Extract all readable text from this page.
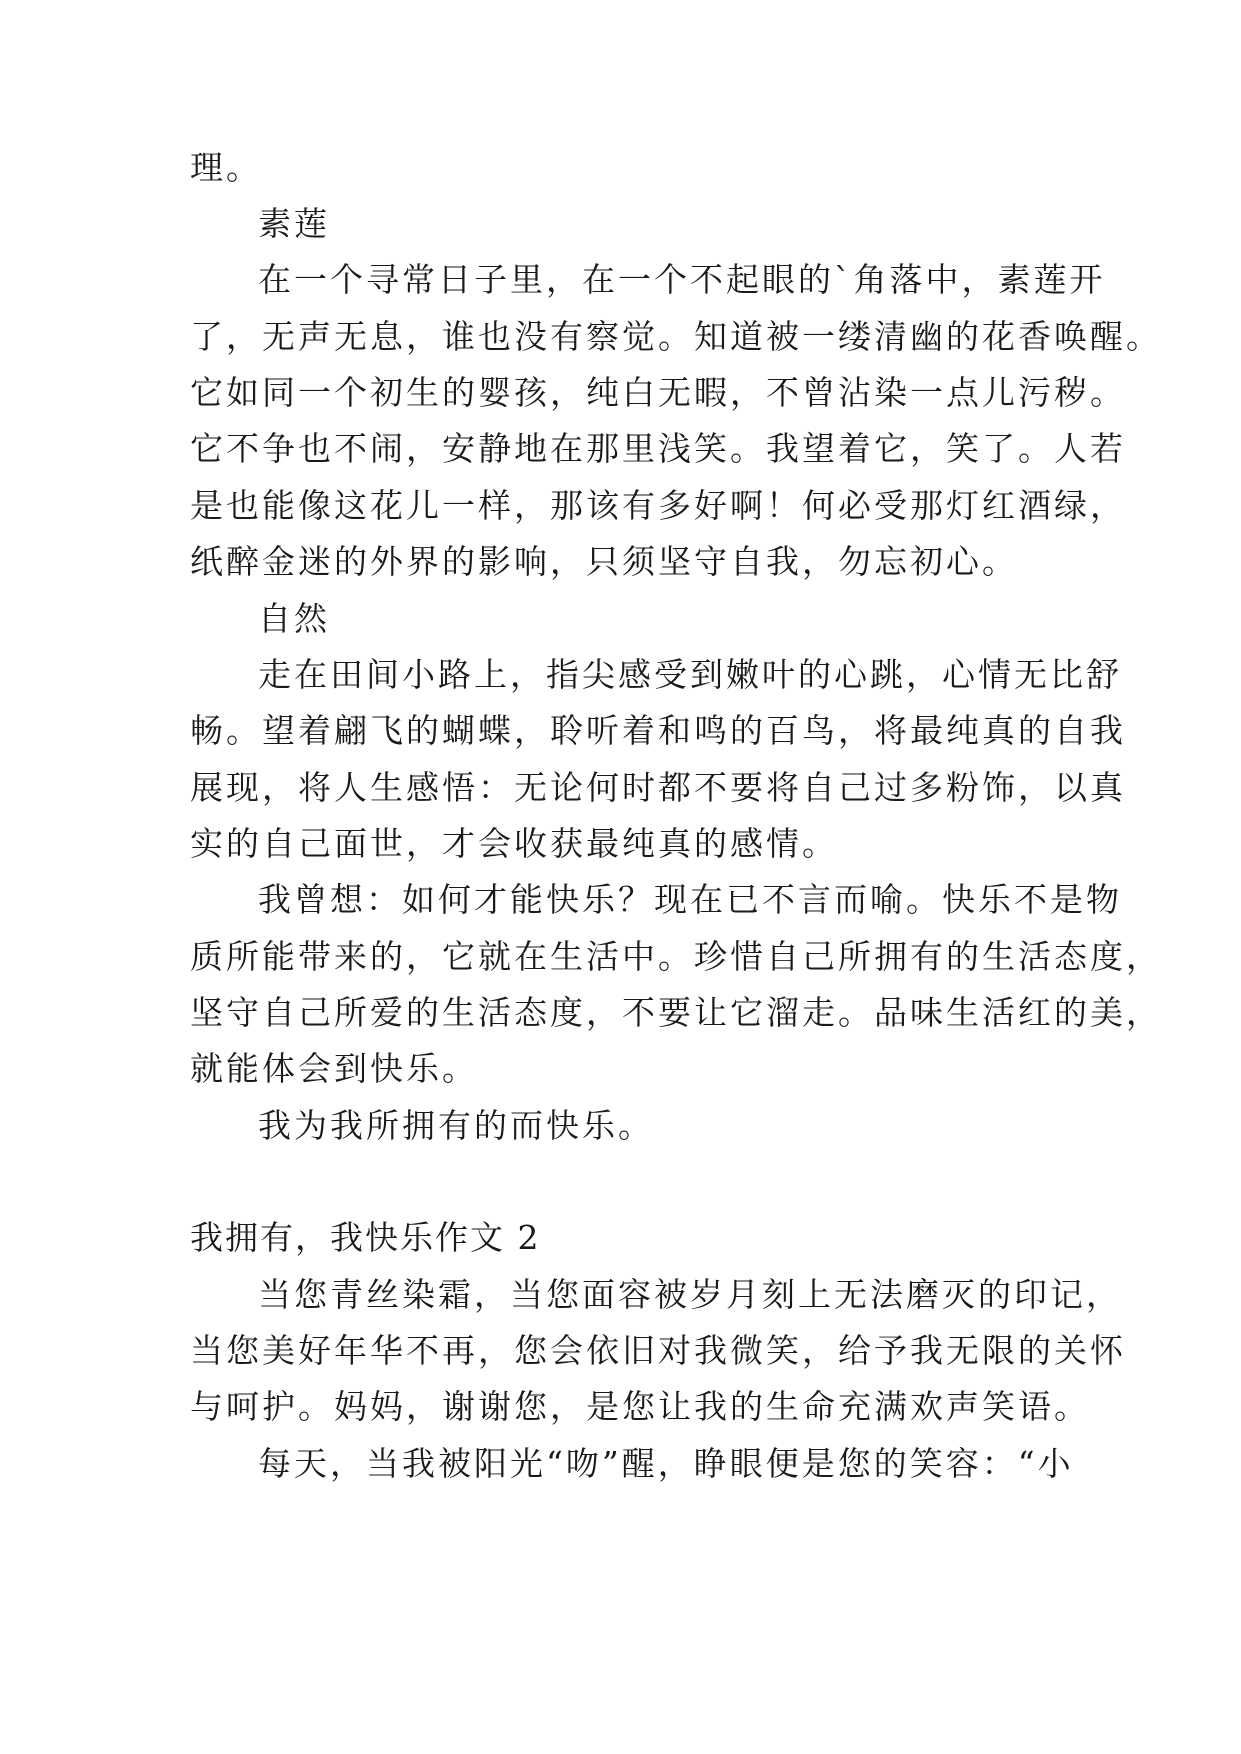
理。
素莲
在一个寻常日子里，在一个不起眼的`角落中，素莲开
了，无声无息，谁也没有察觉。知道被一缕清幽的花香唤醒。
它如同一个初生的婴孩，纯白无暇，不曾沾染一点儿污秽。
它不争也不闹，安静地在那里浅笑。我望着它，笑了。人若
是也能像这花儿一样，那该有多好啊！何必受那灯红酒绿，
纸醉金迷的外界的影响，只须坚守自我，勿忘初心。
自然
走在田间小路上，指尖感受到嫩叶的心跳，心情无比舒
畅。望着翩飞的蝴蝶，聆听着和鸣的百鸟，将最纯真的自我
展现，将人生感悟：无论何时都不要将自己过多粉饰，以真
实的自己面世，才会收获最纯真的感情。
我曾想：如何才能快乐？现在已不言而喻。快乐不是物
质所能带来的，它就在生活中。珍惜自己所拥有的生活态度，
坚守自己所爱的生活态度，不要让它溜走。品味生活红的美，
就能体会到快乐。
我为我所拥有的而快乐。
我拥有，我快乐作文 2
当您青丝染霜，当您面容被岁月刻上无法磨灭的印记，
当您美好年华不再，您会依旧对我微笑，给予我无限的关怀
与呵护。妈妈，谢谢您，是您让我的生命充满欢声笑语。
每天，当我被阳光“吻”醒，睁眼便是您的笑容：“小
